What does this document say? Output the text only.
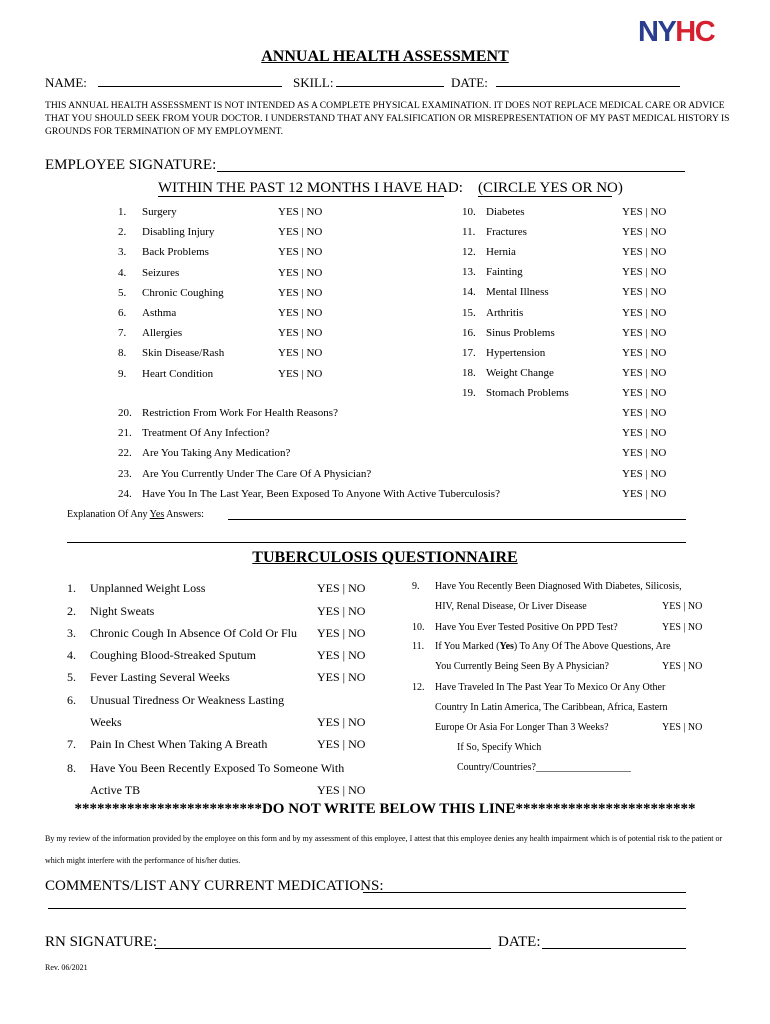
NYHC
ANNUAL HEALTH ASSESSMENT
NAME:	SKILL:	DATE:
THIS ANNUAL HEALTH ASSESSMENT IS NOT INTENDED AS A COMPLETE PHYSICAL EXAMINATION. IT DOES NOT REPLACE MEDICAL CARE OR ADVICE THAT YOU SHOULD SEEK FROM YOUR DOCTOR. I UNDERSTAND THAT ANY FALSIFICATION OR MISREPRESENTATION OF MY PAST MEDICAL HISTORY IS GROUNDS FOR TERMINATION OF MY EMPLOYMENT.
EMPLOYEE SIGNATURE:
WITHIN THE PAST 12 MONTHS I HAVE HAD: (CIRCLE YES OR NO)
1. Surgery	YES | NO
2. Disabling Injury	YES | NO
3. Back Problems	YES | NO
4. Seizures	YES | NO
5. Chronic Coughing	YES | NO
6. Asthma	YES | NO
7. Allergies	YES | NO
8. Skin Disease/Rash	YES | NO
9. Heart Condition	YES | NO
10. Diabetes	YES | NO
11. Fractures	YES | NO
12. Hernia	YES | NO
13. Fainting	YES | NO
14. Mental Illness	YES | NO
15. Arthritis	YES | NO
16. Sinus Problems	YES | NO
17. Hypertension	YES | NO
18. Weight Change	YES | NO
19. Stomach Problems	YES | NO
20. Restriction From Work For Health Reasons?	YES | NO
21. Treatment Of Any Infection?	YES | NO
22. Are You Taking Any Medication?	YES | NO
23. Are You Currently Under The Care Of A Physician?	YES | NO
24. Have You In The Last Year, Been Exposed To Anyone With Active Tuberculosis?	YES | NO
Explanation Of Any Yes Answers:
TUBERCULOSIS QUESTIONNAIRE
1. Unplanned Weight Loss	YES | NO
2. Night Sweats	YES | NO
3. Chronic Cough In Absence Of Cold Or Flu YES | NO
4. Coughing Blood-Streaked Sputum	YES | NO
5. Fever Lasting Several Weeks	YES | NO
6. Unusual Tiredness Or Weakness Lasting
Weeks	YES | NO
7. Pain In Chest When Taking A Breath	YES | NO
8. Have You Been Recently Exposed To Someone With
Active TB	YES | NO
9. Have You Recently Been Diagnosed With Diabetes, Silicosis,
HIV, Renal Disease, Or Liver Disease	YES | NO
10. Have You Ever Tested Positive On PPD Test?	YES | NO
11. If You Marked (Yes) To Any Of The Above Questions, Are
You Currently Being Seen By A Physician?	YES | NO
12. Have Traveled In The Past Year To Mexico Or Any Other
Country In Latin America, The Caribbean, Africa, Eastern
Europe Or Asia For Longer Than 3 Weeks?	YES | NO
If So, Specify Which
Country/Countries?___________________
*************************DO NOT WRITE BELOW THIS LINE************************
By my review of the information provided by the employee on this form and by my assessment of this employee, I attest that this employee denies any health impairment which is of potential risk to the patient or which might interfere with the performance of his/her duties.
COMMENTS/LIST ANY CURRENT MEDICATIONS:
RN SIGNATURE:	DATE:
Rev. 06/2021
